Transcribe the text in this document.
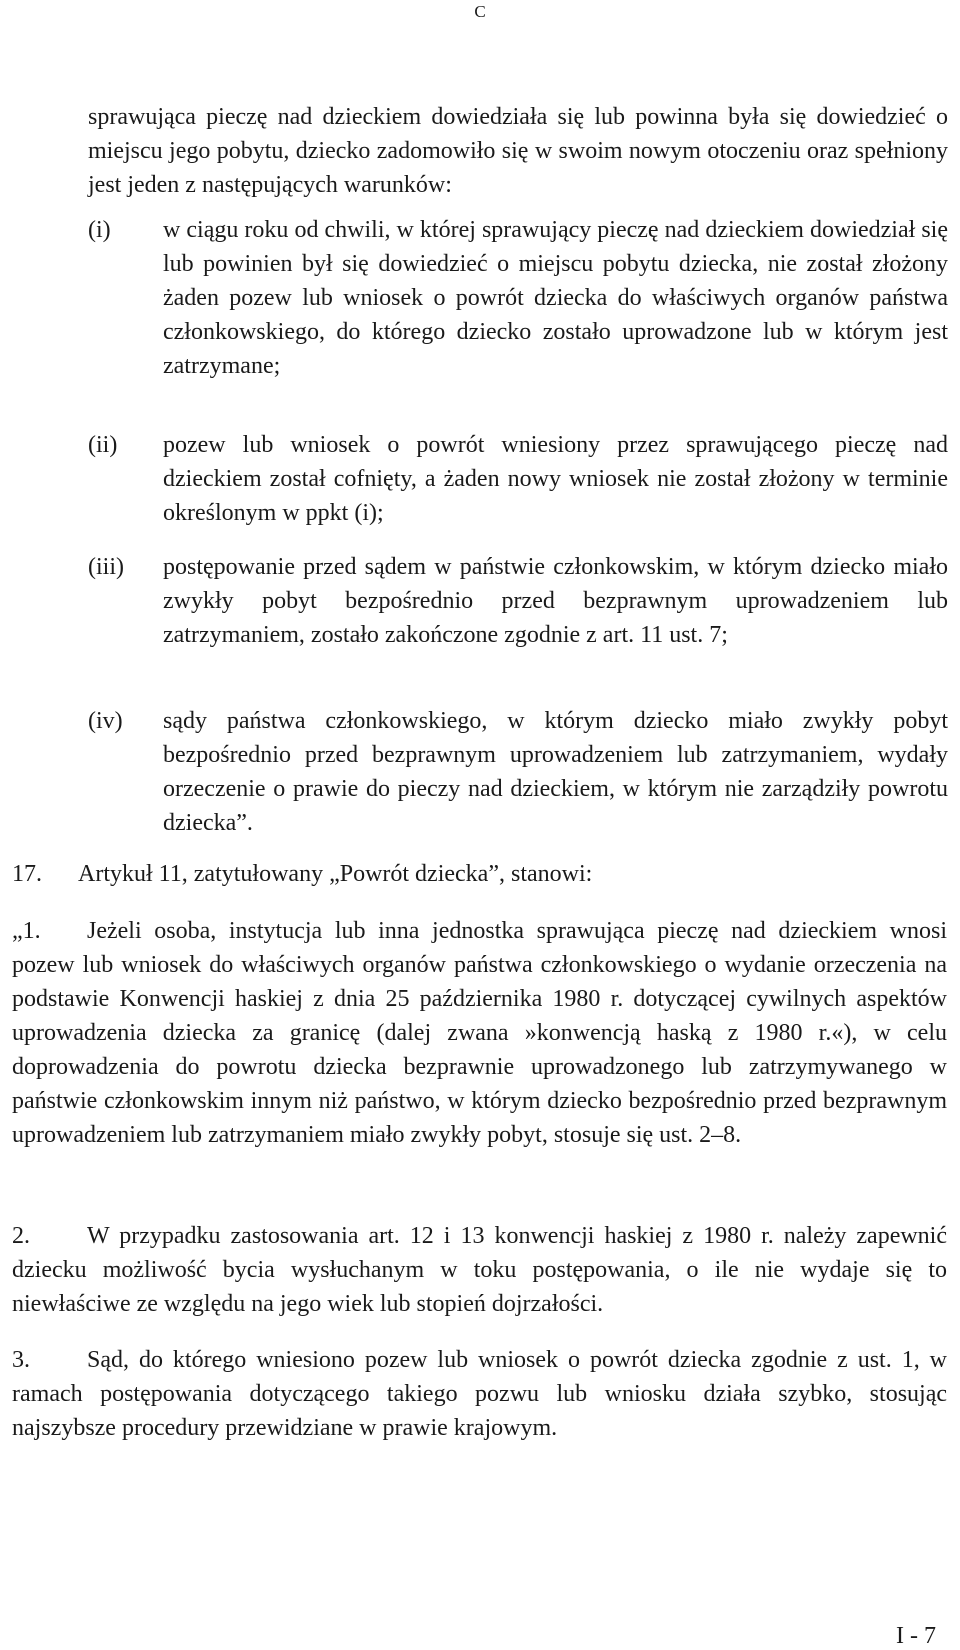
C
sprawująca pieczę nad dzieckiem dowiedziała się lub powinna była się dowiedzieć o miejscu jego pobytu, dziecko zadomowiło się w swoim nowym otoczeniu oraz spełniony jest jeden z następujących warunków:
(i)	w ciągu roku od chwili, w której sprawujący pieczę nad dzieckiem dowiedział się lub powinien był się dowiedzieć o miejscu pobytu dziecka, nie został złożony żaden pozew lub wniosek o powrót dziecka do właściwych organów państwa członkowskiego, do którego dziecko zostało uprowadzone lub w którym jest zatrzymane;
(ii)	pozew lub wniosek o powrót wniesiony przez sprawującego pieczę nad dzieckiem został cofnięty, a żaden nowy wniosek nie został złożony w terminie określonym w ppkt (i);
(iii)	postępowanie przed sądem w państwie członkowskim, w którym dziecko miało zwykły pobyt bezpośrednio przed bezprawnym uprowadzeniem lub zatrzymaniem, zostało zakończone zgodnie z art. 11 ust. 7;
(iv)	sądy państwa członkowskiego, w którym dziecko miało zwykły pobyt bezpośrednio przed bezprawnym uprowadzeniem lub zatrzymaniem, wydały orzeczenie o prawie do pieczy nad dzieckiem, w którym nie zarządziły powrotu dziecka”.
17. Artykuł 11, zatytułowany „Powrót dziecka”, stanowi:
„1. Jeżeli osoba, instytucja lub inna jednostka sprawująca pieczę nad dzieckiem wnosi pozew lub wniosek do właściwych organów państwa członkowskiego o wydanie orzeczenia na podstawie Konwencji haskiej z dnia 25 października 1980 r. dotyczącej cywilnych aspektów uprowadzenia dziecka za granicę (dalej zwana »konwencją haską z 1980 r.«), w celu doprowadzenia do powrotu dziecka bezprawnie uprowadzonego lub zatrzymywanego w państwie członkowskim innym niż państwo, w którym dziecko bezpośrednio przed bezprawnym uprowadzeniem lub zatrzymaniem miało zwykły pobyt, stosuje się ust. 2–8.
2. W przypadku zastosowania art. 12 i 13 konwencji haskiej z 1980 r. należy zapewnić dziecku możliwość bycia wysłuchanym w toku postępowania, o ile nie wydaje się to niewłaściwe ze względu na jego wiek lub stopień dojrzałości.
3. Sąd, do którego wniesiono pozew lub wniosek o powrót dziecka zgodnie z ust. 1, w ramach postępowania dotyczącego takiego pozwu lub wniosku działa szybko, stosując najszybsze procedury przewidziane w prawie krajowym.
I - 7
